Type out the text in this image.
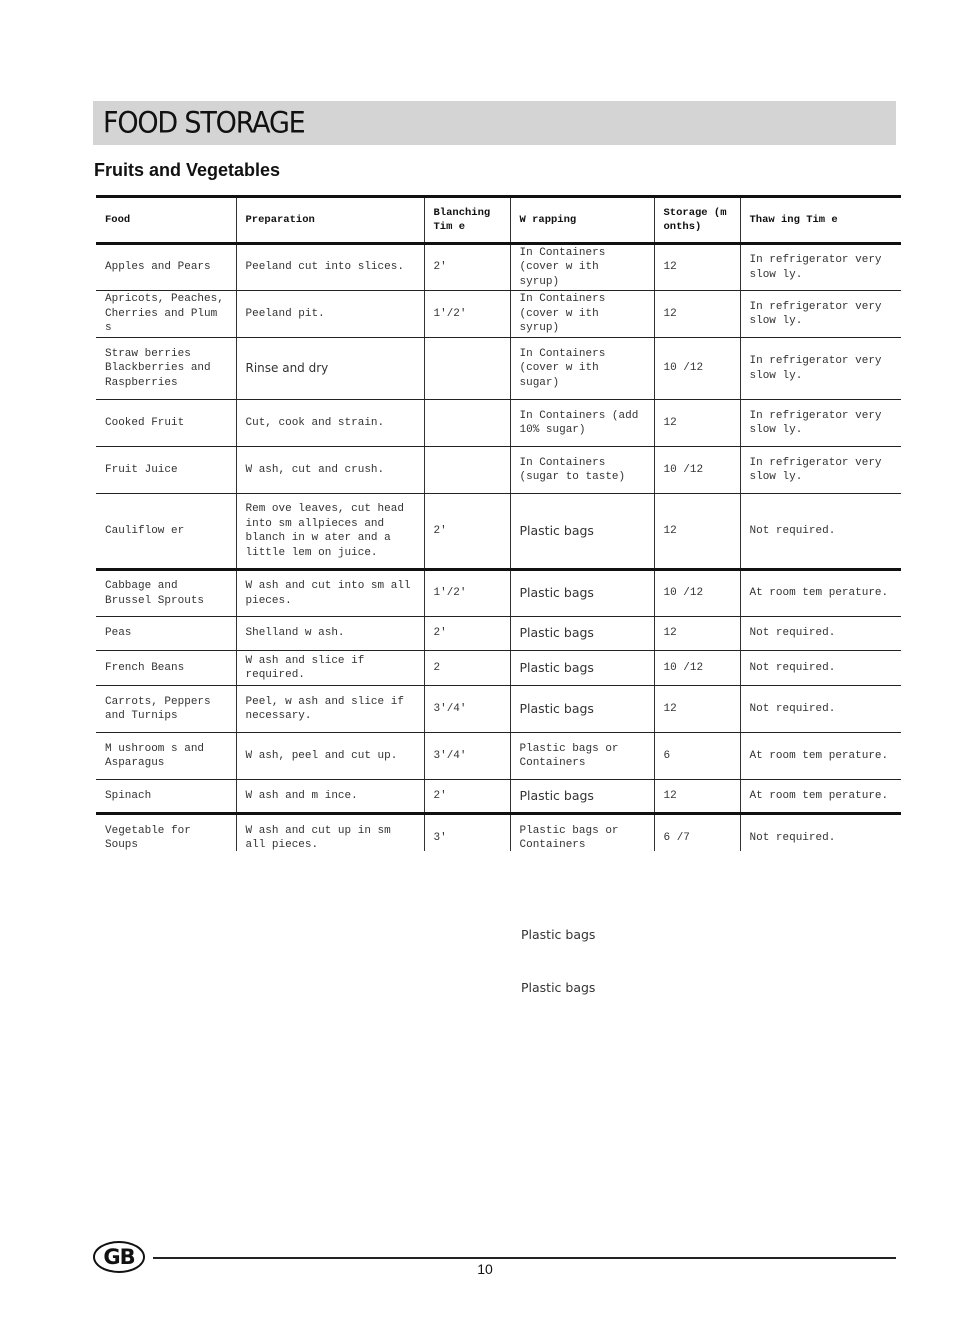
FOOD STORAGE
Fruits and Vegetables
Food	Preparation	Blanching Tim e	W rapping	Storage (m onths)	Thaw ing Tim e
Apples and Pears	Peeland cut into slices.	2'	In Containers (cover w ith syrup)	12	In refrigerator very slow ly.
Apricots, Peaches, Cherries and Plum s	Peeland pit.	1'/2'	In Containers (cover w ith syrup)	12	In refrigerator very slow ly.
Straw berries Blackberries and Raspberries	Rinse and dry		In Containers (cover w ith sugar)	10 /12	In refrigerator very slow ly.
Cooked Fruit	Cut, cook and strain.		In Containers (add 10% sugar)	12	In refrigerator very slow ly.
Fruit Juice	W ash, cut and crush.		In Containers (sugar to taste)	10 /12	In refrigerator very slow ly.
Cauliflow er	Rem ove leaves, cut head into sm allpieces and blanch in w ater and a little lem on juice.	2'	Plastic bags	12	Not required.
Cabbage and Brussel Sprouts	W ash and cut into sm all pieces.	1'/2'	Plastic bags	10 /12	At room tem perature.
Peas	Shelland w ash.	2'	Plastic bags	12	Not required.
French Beans	W ash and slice if required.	2	Plastic bags	10 /12	Not required.
Carrots, Peppers and Turnips	Peel, w ash and slice if necessary.	3'/4'	Plastic bags	12	Not required.
M ushroom s and Asparagus	W ash, peel and cut up.	3'/4'	Plastic bags or Containers	6	At room tem perature.
Spinach	W ash and m ince.	2'	Plastic bags	12	At room tem perature.
Vegetable for Soups	W ash and cut up in sm all pieces.	3'	Plastic bags or Containers	6 /7	Not required.
Plastic bags
Plastic bags
GB	10
